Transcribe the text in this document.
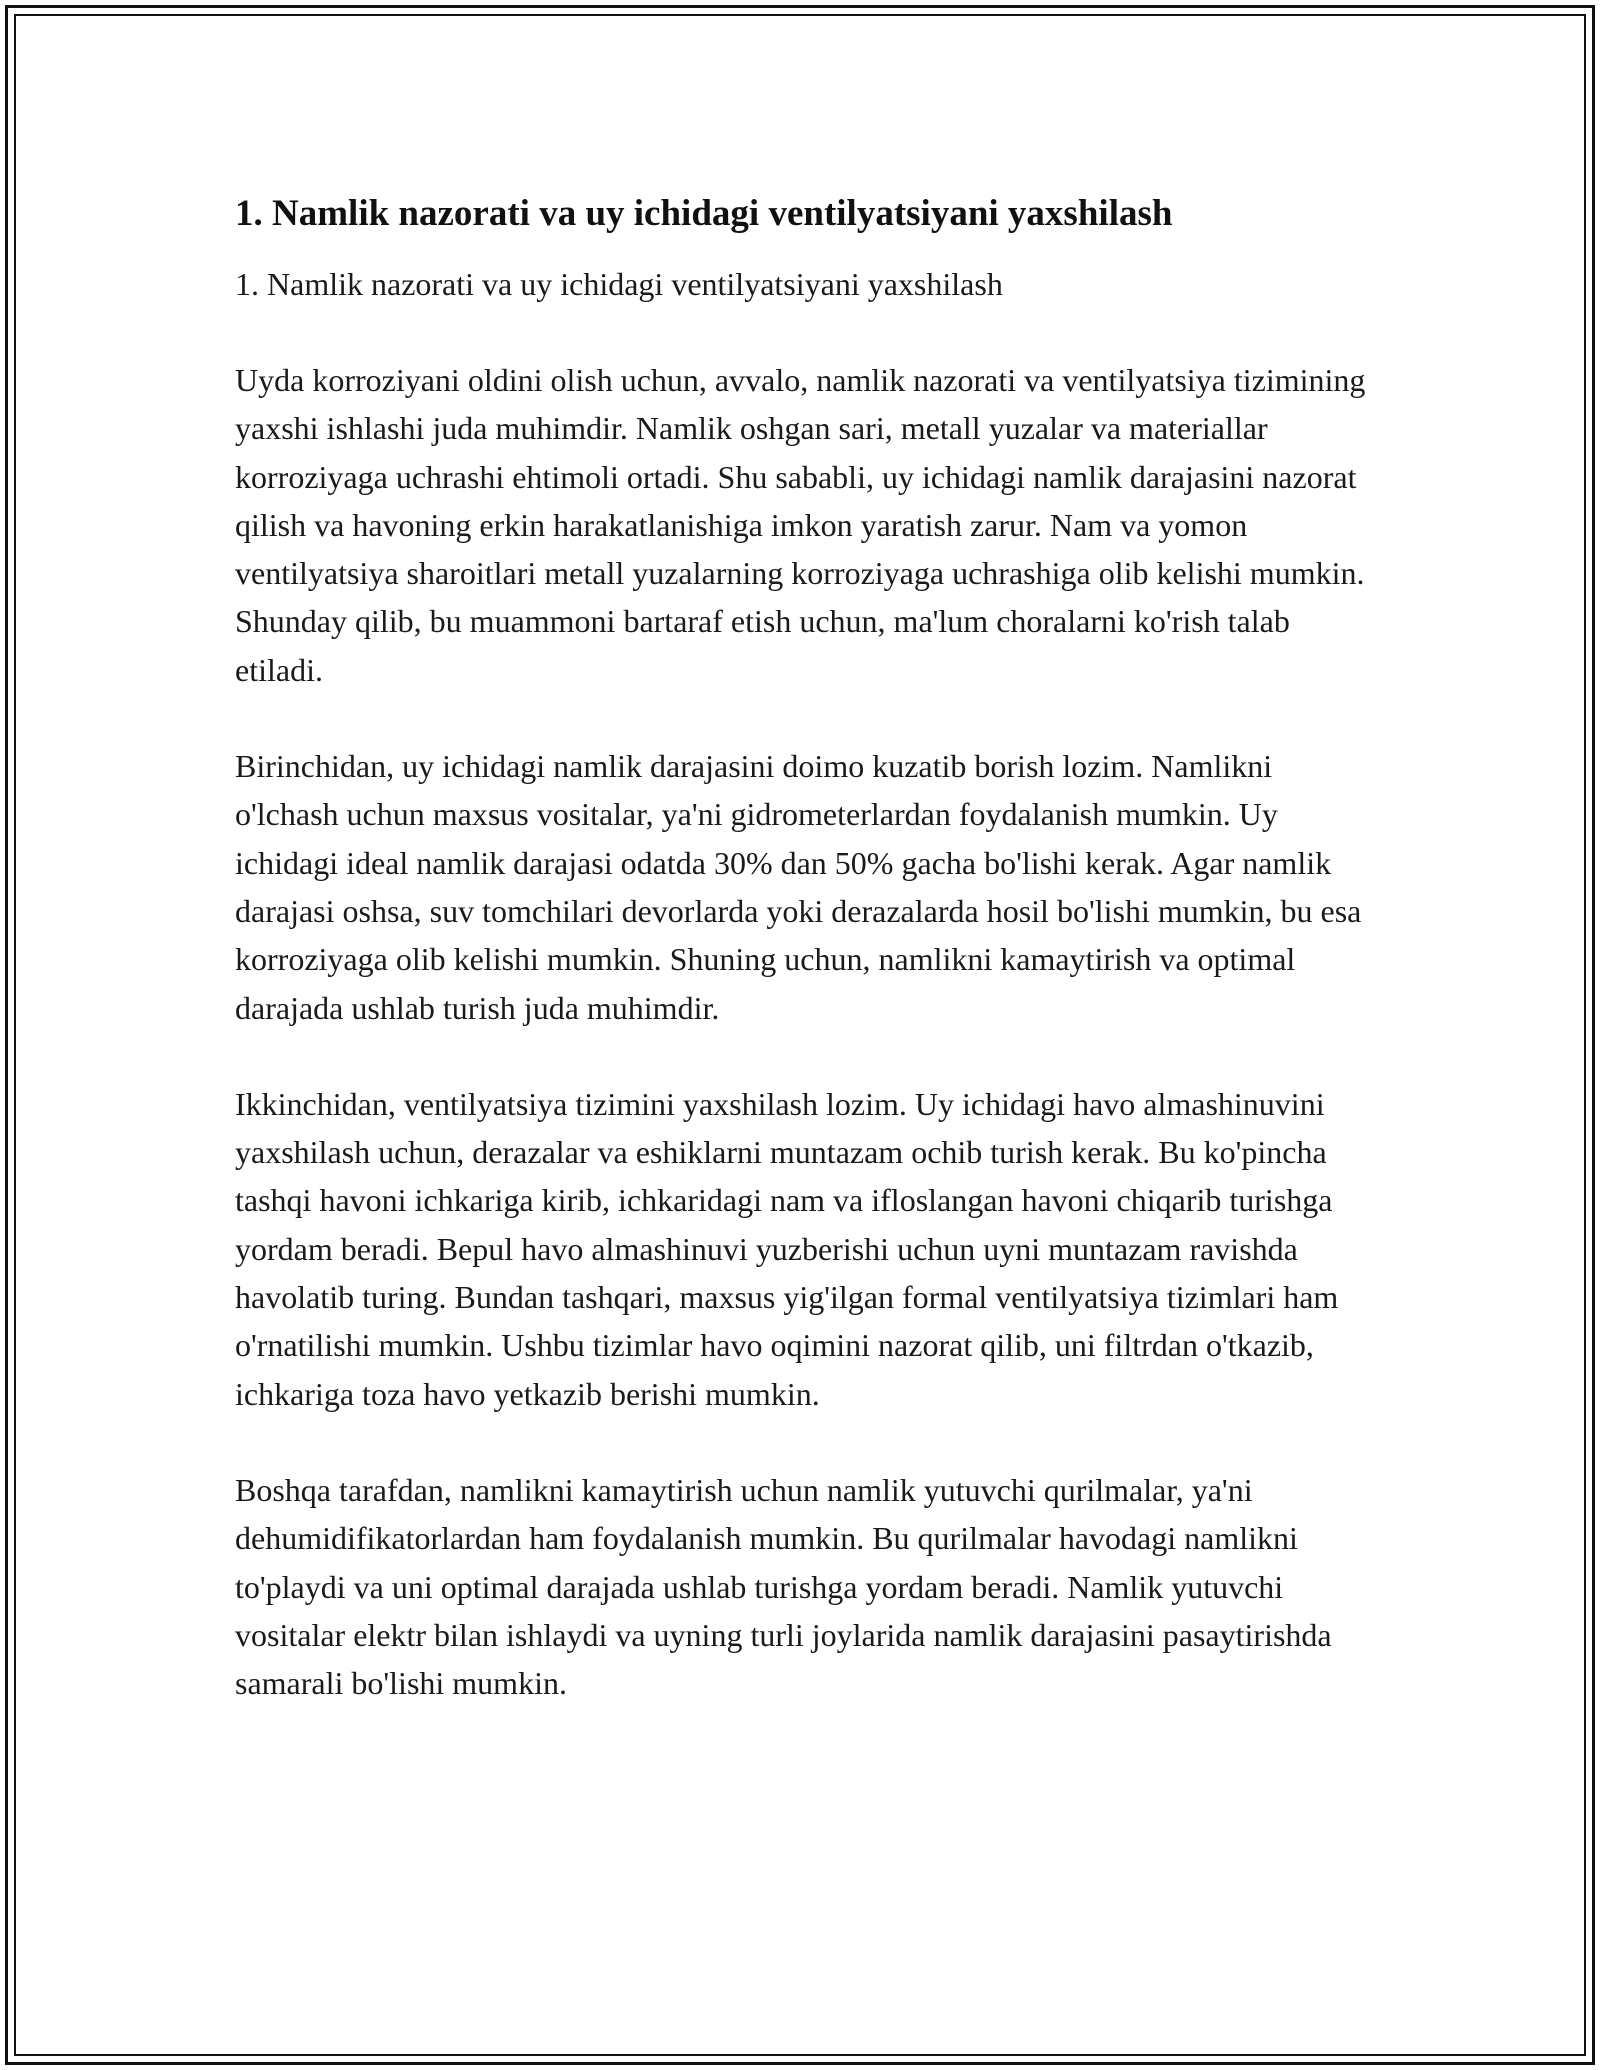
1. Namlik nazorati va uy ichidagi ventilyatsiyani yaxshilash

1. Namlik nazorati va uy ichidagi ventilyatsiyani yaxshilash

Uyda korroziyani oldini olish uchun, avvalo, namlik nazorati va ventilyatsiya tizimining yaxshi ishlashi juda muhimdir. Namlik oshgan sari, metall yuzalar va materiallar korroziyaga uchrashi ehtimoli ortadi. Shu sababli, uy ichidagi namlik darajasini nazorat qilish va havoning erkin harakatlanishiga imkon yaratish zarur. Nam va yomon ventilyatsiya sharoitlari metall yuzalarning korroziyaga uchrashiga olib kelishi mumkin. Shunday qilib, bu muammoni bartaraf etish uchun, ma'lum choralarni ko'rish talab etiladi.

Birinchidan, uy ichidagi namlik darajasini doimo kuzatib borish lozim. Namlikni o'lchash uchun maxsus vositalar, ya'ni gidrometerlardan foydalanish mumkin. Uy ichidagi ideal namlik darajasi odatda 30% dan 50% gacha bo'lishi kerak. Agar namlik darajasi oshsa, suv tomchilari devorlarda yoki derazalarda hosil bo'lishi mumkin, bu esa korroziyaga olib kelishi mumkin. Shuning uchun, namlikni kamaytirish va optimal darajada ushlab turish juda muhimdir.

Ikkinchidan, ventilyatsiya tizimini yaxshilash lozim. Uy ichidagi havo almashinuvini yaxshilash uchun, derazalar va eshiklarni muntazam ochib turish kerak. Bu ko'pincha tashqi havoni ichkariga kirib, ichkaridagi nam va ifloslangan havoni chiqarib turishga yordam beradi. Bepul havo almashinuvi yuzberishi uchun uyni muntazam ravishda havolatib turing. Bundan tashqari, maxsus yig'ilgan formal ventilyatsiya tizimlari ham o'rnatilishi mumkin. Ushbu tizimlar havo oqimini nazorat qilib, uni filtrdan o'tkazib, ichkariga toza havo yetkazib berishi mumkin.

Boshqa tarafdan, namlikni kamaytirish uchun namlik yutuvchi qurilmalar, ya'ni dehumidifikatorlardan ham foydalanish mumkin. Bu qurilmalar havodagi namlikni to'playdi va uni optimal darajada ushlab turishga yordam beradi. Namlik yutuvchi vositalar elektr bilan ishlaydi va uyning turli joylarida namlik darajasini pasaytirishda samarali bo'lishi mumkin.
